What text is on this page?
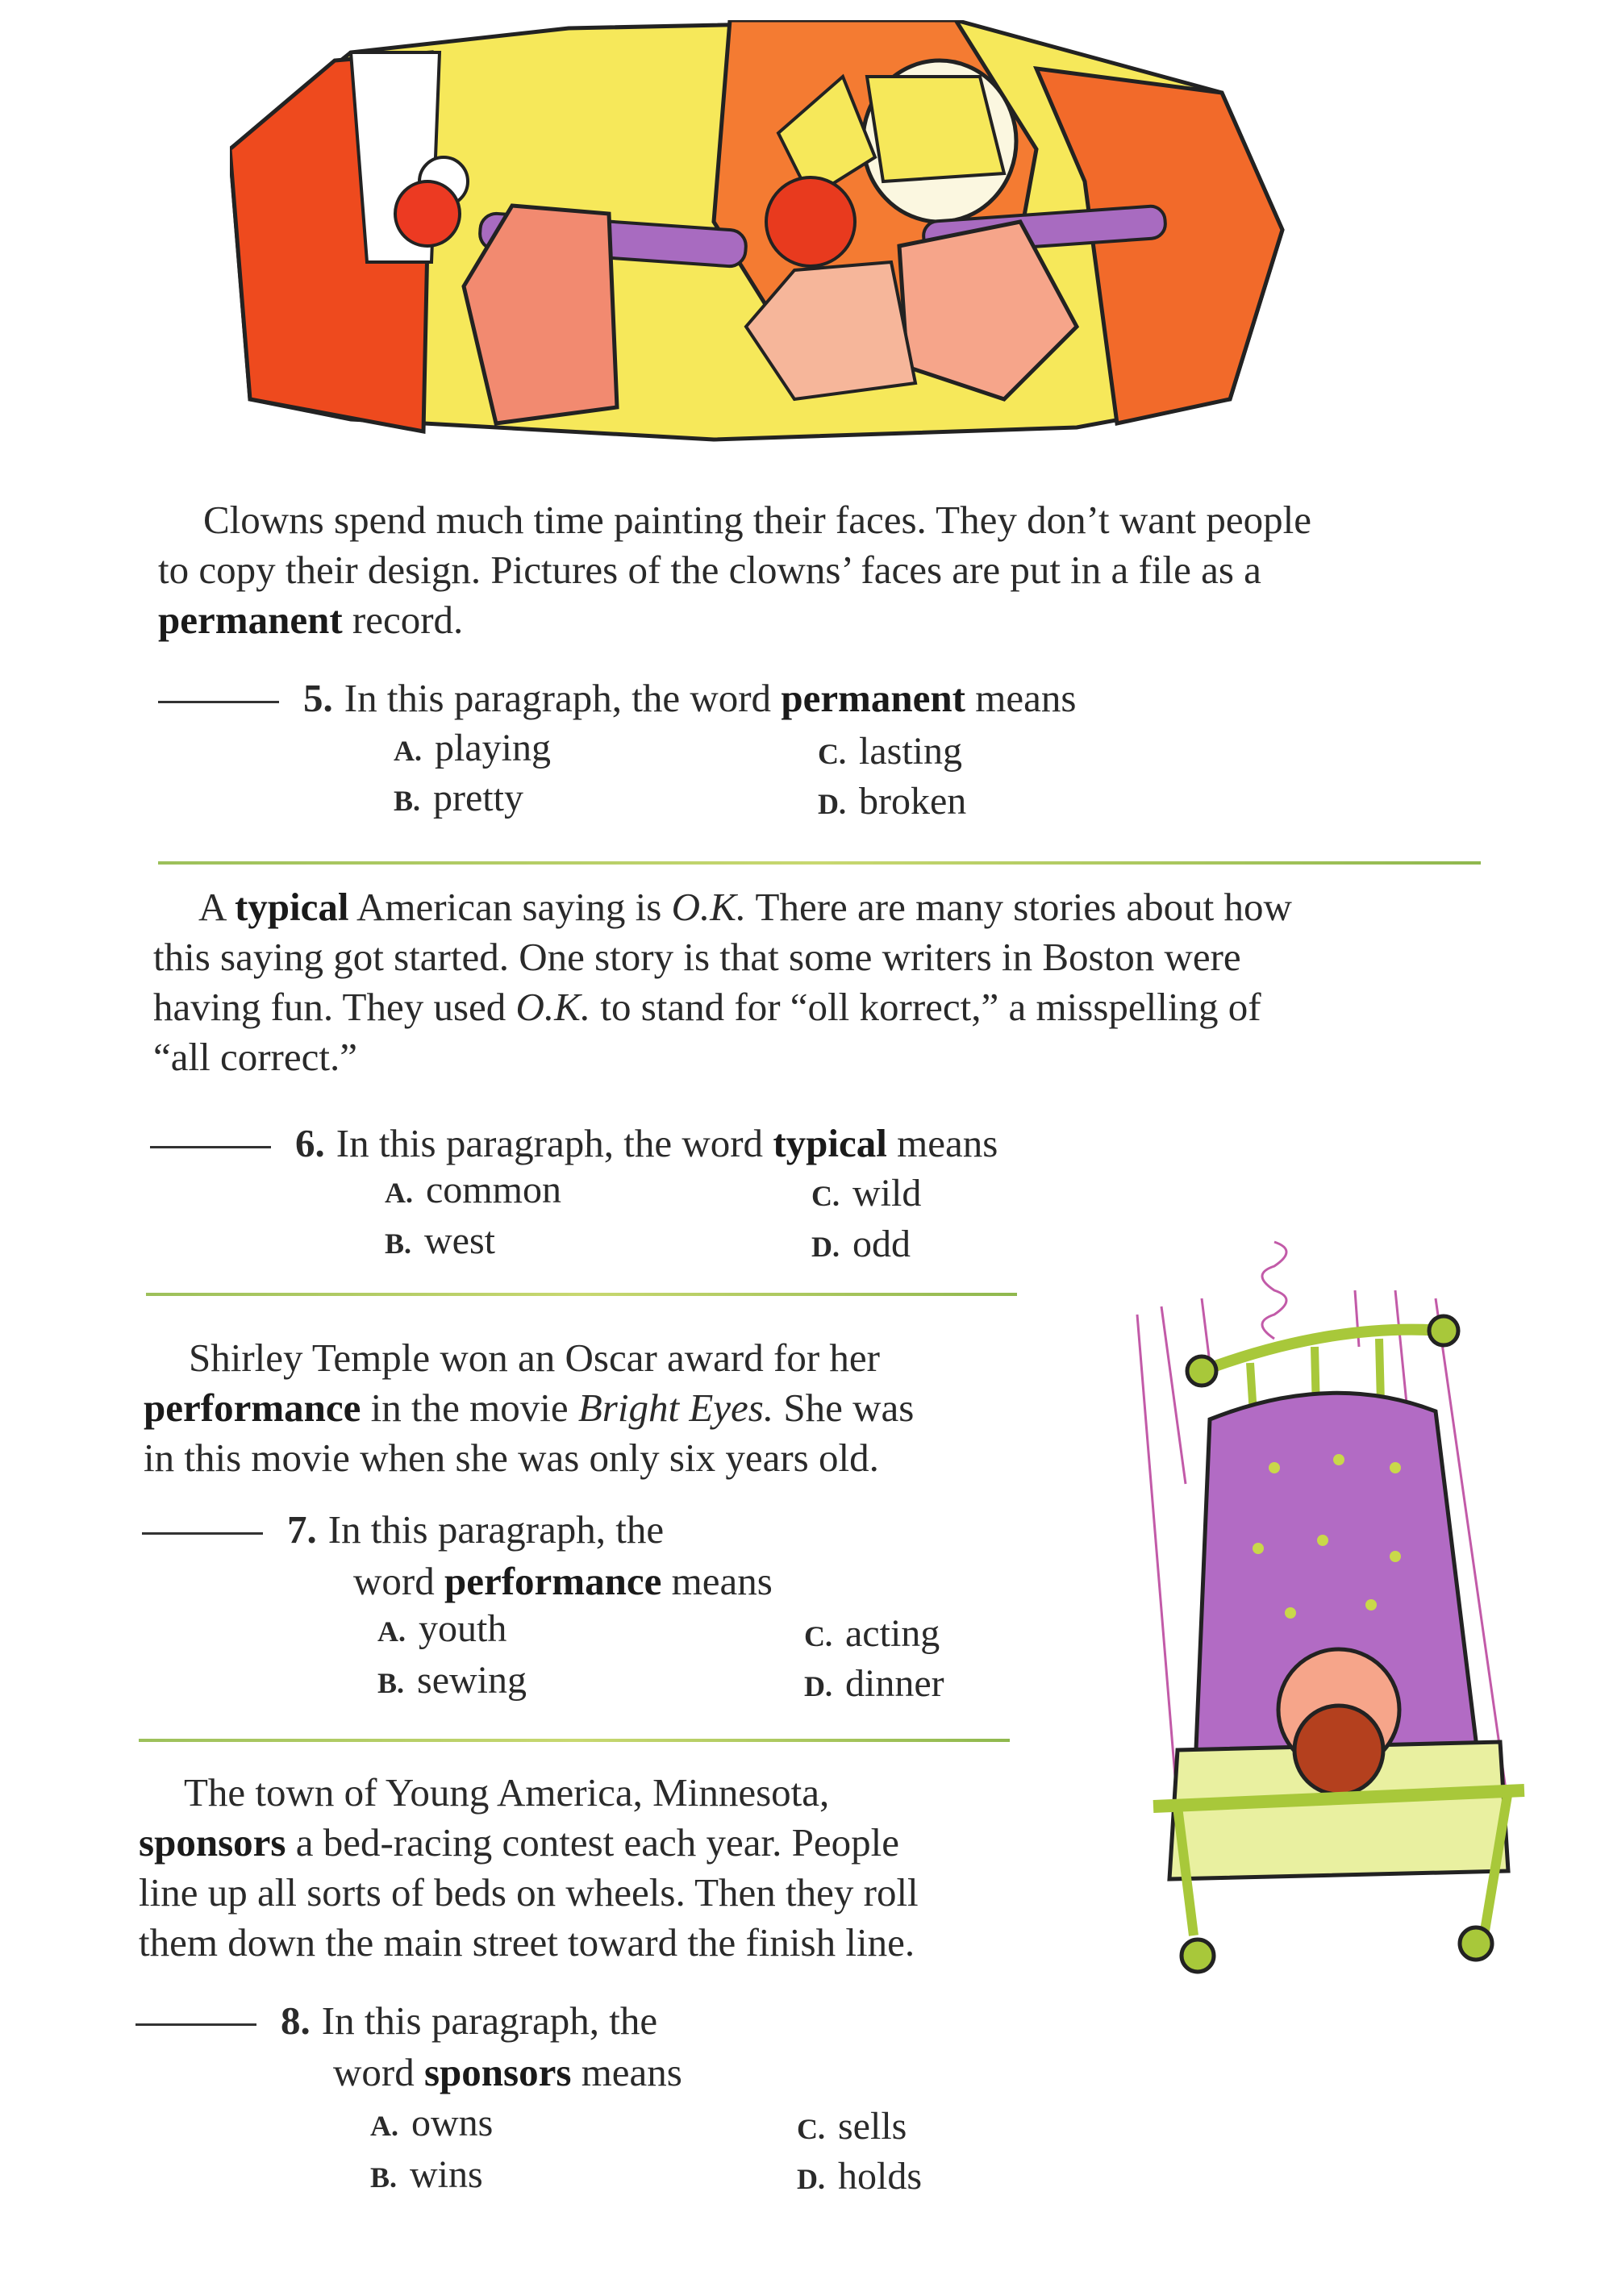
Clowns spend much time painting their faces. They don’t want people
to copy their design. Pictures of the clowns’ faces are put in a file as a
permanent record.
5. In this paragraph, the word permanent means
A. playing
B. pretty
C. lasting
D. broken
A typical American saying is O.K. There are many stories about how
this saying got started. One story is that some writers in Boston were
having fun. They used O.K. to stand for “oll korrect,” a misspelling of
“all correct.”
6. In this paragraph, the word typical means
A. common
B. west
C. wild
D. odd
Shirley Temple won an Oscar award for her
performance in the movie Bright Eyes. She was
in this movie when she was only six years old.
7. In this paragraph, the
word performance means
A. youth
B. sewing
C. acting
D. dinner
The town of Young America, Minnesota,
sponsors a bed-racing contest each year. People
line up all sorts of beds on wheels. Then they roll
them down the main street toward the finish line.
8. In this paragraph, the
word sponsors means
A. owns
B. wins
C. sells
D. holds
